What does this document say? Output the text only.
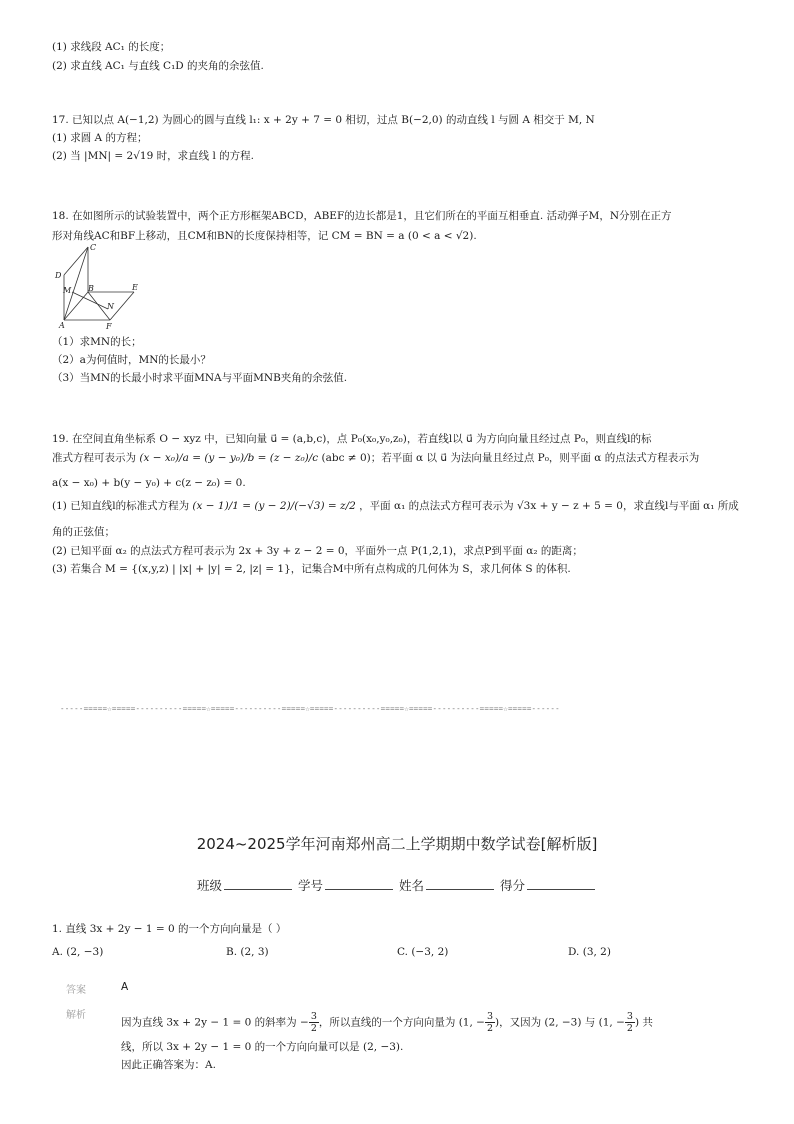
(1) 求线段 AC₁ 的长度；
(2) 求直线 AC₁ 与直线 C₁D 的夹角的余弦值.
17. 已知以点 A(−1,2) 为圆心的圆与直线 l₁: x + 2y + 7 = 0 相切，过点 B(−2,0) 的动直线 l 与圆 A 相交于 M, N
(1) 求圆 A 的方程；
(2) 当 |MN| = 2√19 时，求直线 l 的方程.
18. 在如图所示的试验装置中，两个正方形框架ABCD，ABEF的边长都是1，且它们所在的平面互相垂直. 活动弹子M，N分别在正方
形对角线AC和BF上移动，且CM和BN的长度保持相等，记 CM = BN = a (0 < a < √2).
C
D
M B	E
N
A	F
（1）求MN的长；
（2）a为何值时，MN的长最小？
（3）当MN的长最小时求平面MNA与平面MNB夹角的余弦值.
19. 在空间直角坐标系 O − xyz 中，已知向量 u⃗ = (a,b,c)，点 P₀(x₀,y₀,z₀)，若直线l以 u⃗ 为方向向量且经过点 P₀，则直线l的标
准式方程可表示为 (x − x₀)/a = (y − y₀)/b = (z − z₀)/c (abc ≠ 0)；若平面 α 以 u⃗ 为法向量且经过点 P₀，则平面 α 的点法式方程表示为
a(x − x₀) + b(y − y₀) + c(z − z₀) = 0.
(1) 已知直线l的标准式方程为 (x − 1)/1 = (y − 2)/(−√3) = z/2 ，平面 α₁ 的点法式方程可表示为 √3x + y − z + 5 = 0，求直线l与平面 α₁ 所成
角的正弦值；
(2) 已知平面 α₂ 的点法式方程可表示为 2x + 3y + z − 2 = 0，平面外一点 P(1,2,1)，求点P到平面 α₂ 的距离；
(3) 若集合 M = {(x,y,z) | |x| + |y| = 2, |z| = 1}，记集合M中所有点构成的几何体为 S，求几何体 S 的体积.
-----=====☆=====----------=====☆=====----------=====☆=====----------=====☆=====----------=====☆=====------
2024~2025学年河南郑州高二上学期期中数学试卷[解析版]
班级	学号	姓名	得分
1. 直线 3x + 2y − 1 = 0 的一个方向向量是（ ）
A. (2, −3)	B. (2, 3)	C. (−3, 2)	D. (3, 2)
答案	A
解析
因为直线 3x + 2y − 1 = 0 的斜率为 − $\frac{3}{2}$ ，所以直线的一个方向向量为 (1, − $\frac{3}{2}$ )，又因为 (2, −3) 与 (1, − $\frac{3}{2}$ ) 共
线，所以 3x + 2y − 1 = 0 的一个方向向量可以是 (2, −3).
因此正确答案为：A.
